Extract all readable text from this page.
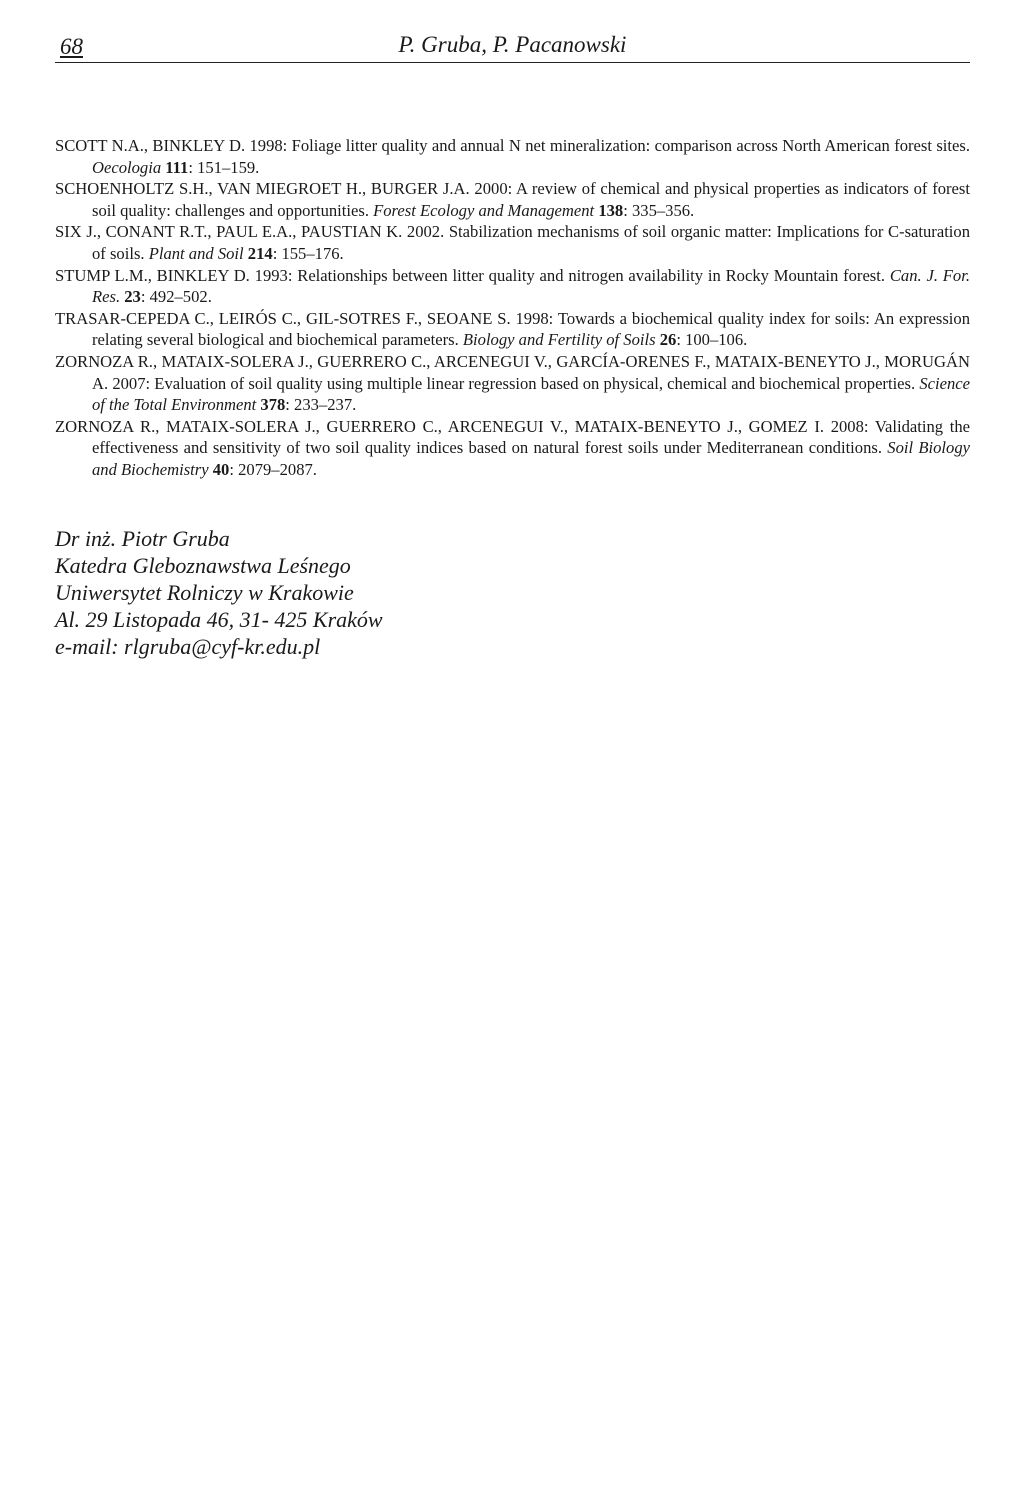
68	P. Gruba, P. Pacanowski

SCOTT N.A., BINKLEY D. 1998: Foliage litter quality and annual N net mineralization: comparison across North American forest sites. Oecologia 111: 151–159.

SCHOENHOLTZ S.H., VAN MIEGROET H., BURGER J.A. 2000: A review of chemical and physical properties as indicators of forest soil quality: challenges and opportunities. Forest Ecology and Management 138: 335–356.

SIX J., CONANT R.T., PAUL E.A., PAUSTIAN K. 2002. Stabilization mechanisms of soil organic matter: Implications for C-saturation of soils. Plant and Soil 214: 155–176.

STUMP L.M., BINKLEY D. 1993: Relationships between litter quality and nitrogen availability in Rocky Mountain forest. Can. J. For. Res. 23: 492–502.

TRASAR-CEPEDA C., LEIRÓS C., GIL-SOTRES F., SEOANE S. 1998: Towards a biochemical quality index for soils: An expression relating several biological and biochemical parameters. Biology and Fertility of Soils 26: 100–106.

ZORNOZA R., MATAIX-SOLERA J., GUERRERO C., ARCENEGUI V., GARCÍA-ORENES F., MATAIX-BENEYTO J., MORUGÁN A. 2007: Evaluation of soil quality using multiple linear regression based on physical, chemical and biochemical properties. Science of the Total Environment 378: 233–237.

ZORNOZA R., MATAIX-SOLERA J., GUERRERO C., ARCENEGUI V., MATAIX-BENEYTO J., GOMEZ I. 2008: Validating the effectiveness and sensitivity of two soil quality indices based on natural forest soils under Mediterranean conditions. Soil Biology and Biochemistry 40: 2079–2087.

Dr inż. Piotr Gruba
Katedra Gleboznawstwa Leśnego
Uniwersytet Rolniczy w Krakowie
Al. 29 Listopada 46, 31- 425 Kraków
e-mail: rlgruba@cyf-kr.edu.pl
